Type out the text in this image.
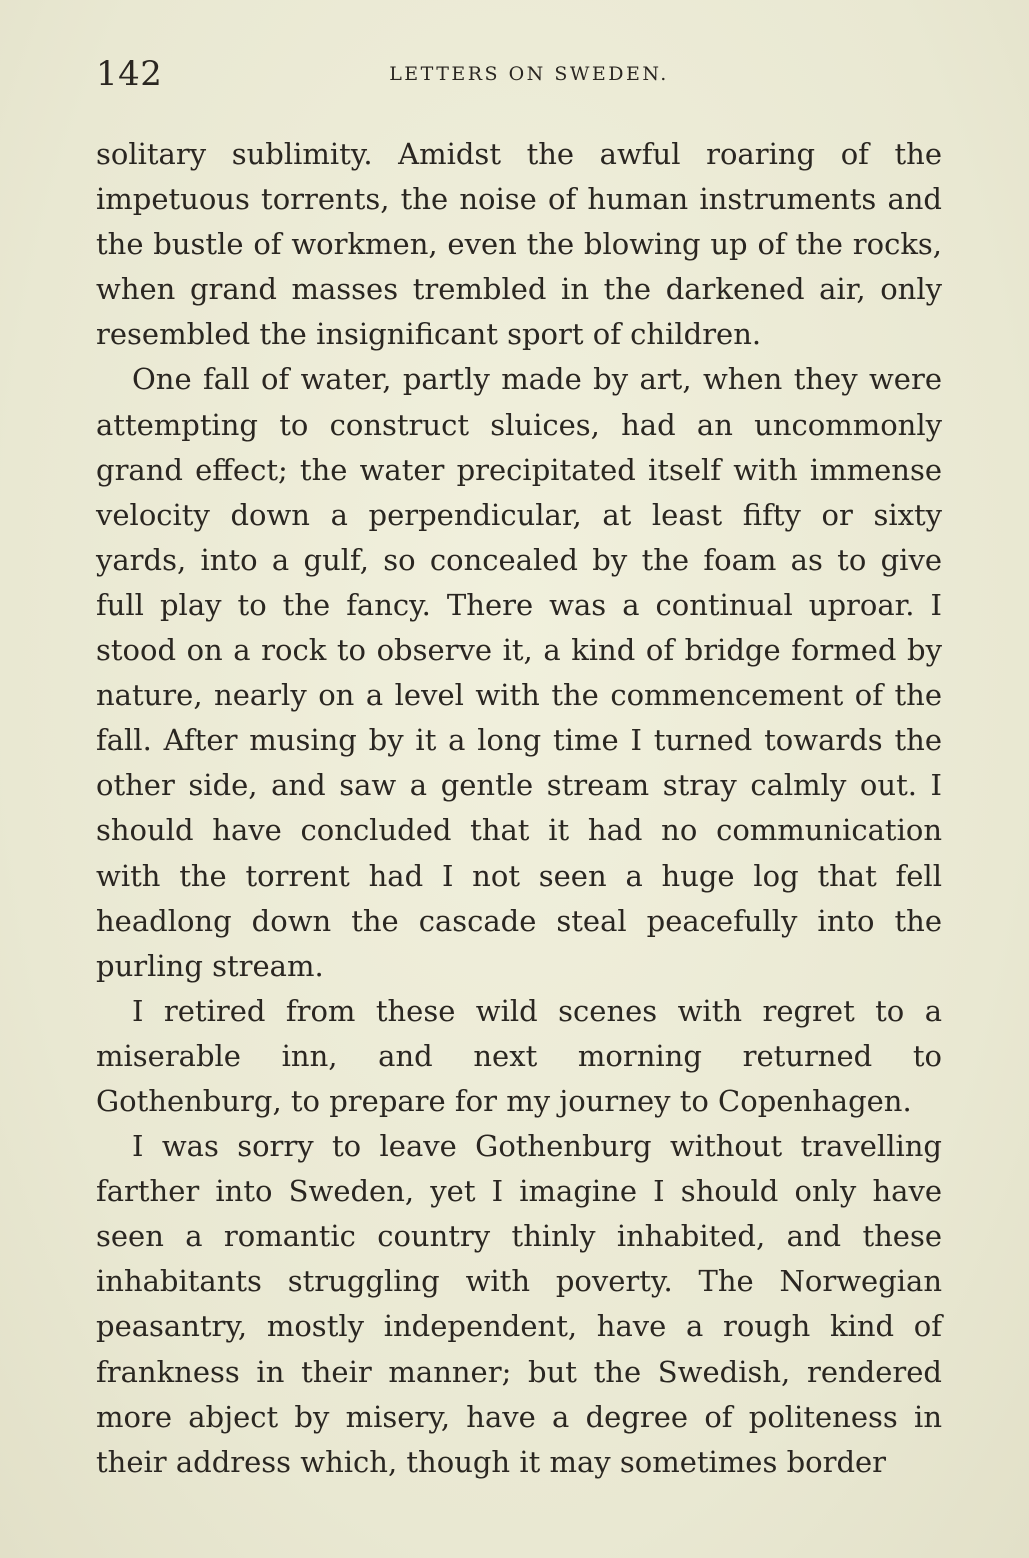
142	LETTERS ON SWEDEN.

solitary sublimity. Amidst the awful roaring of the impetuous torrents, the noise of human instruments and the bustle of workmen, even the blowing up of the rocks, when grand masses trembled in the darkened air, only resembled the insignificant sport of children.

One fall of water, partly made by art, when they were attempting to construct sluices, had an uncommonly grand effect; the water precipitated itself with immense velocity down a perpendicular, at least fifty or sixty yards, into a gulf, so concealed by the foam as to give full play to the fancy. There was a continual uproar. I stood on a rock to observe it, a kind of bridge formed by nature, nearly on a level with the commencement of the fall. After musing by it a long time I turned towards the other side, and saw a gentle stream stray calmly out. I should have concluded that it had no communication with the torrent had I not seen a huge log that fell headlong down the cascade steal peacefully into the purling stream.

I retired from these wild scenes with regret to a miserable inn, and next morning returned to Gothenburg, to prepare for my journey to Copenhagen.

I was sorry to leave Gothenburg without travelling farther into Sweden, yet I imagine I should only have seen a romantic country thinly inhabited, and these inhabitants struggling with poverty. The Norwegian peasantry, mostly independent, have a rough kind of frankness in their manner; but the Swedish, rendered more abject by misery, have a degree of politeness in their address which, though it may sometimes border
